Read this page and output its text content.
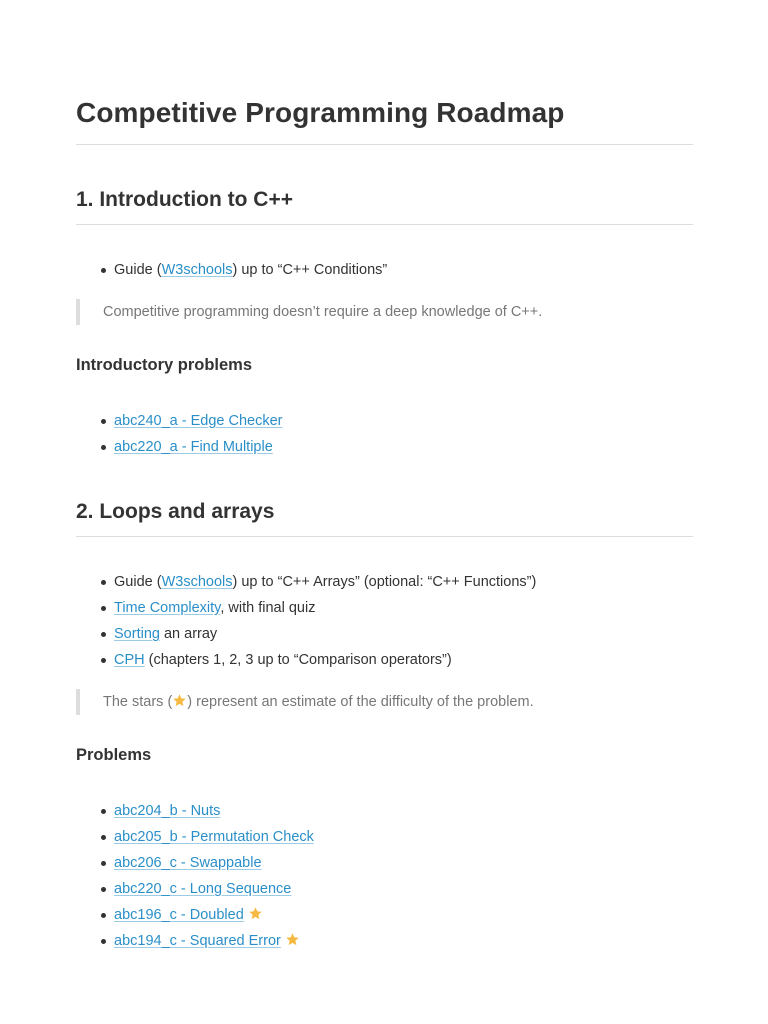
Competitive Programming Roadmap
1. Introduction to C++
Guide (W3schools) up to “C++ Conditions”
Competitive programming doesn’t require a deep knowledge of C++.
Introductory problems
abc240_a - Edge Checker
abc220_a - Find Multiple
2. Loops and arrays
Guide (W3schools) up to “C++ Arrays” (optional: “C++ Functions”)
Time Complexity, with final quiz
Sorting an array
CPH (chapters 1, 2, 3 up to “Comparison operators”)
The stars ( ) represent an estimate of the difficulty of the problem.
Problems
abc204_b - Nuts
abc205_b - Permutation Check
abc206_c - Swappable
abc220_c - Long Sequence
abc196_c - Doubled
abc194_c - Squared Error
